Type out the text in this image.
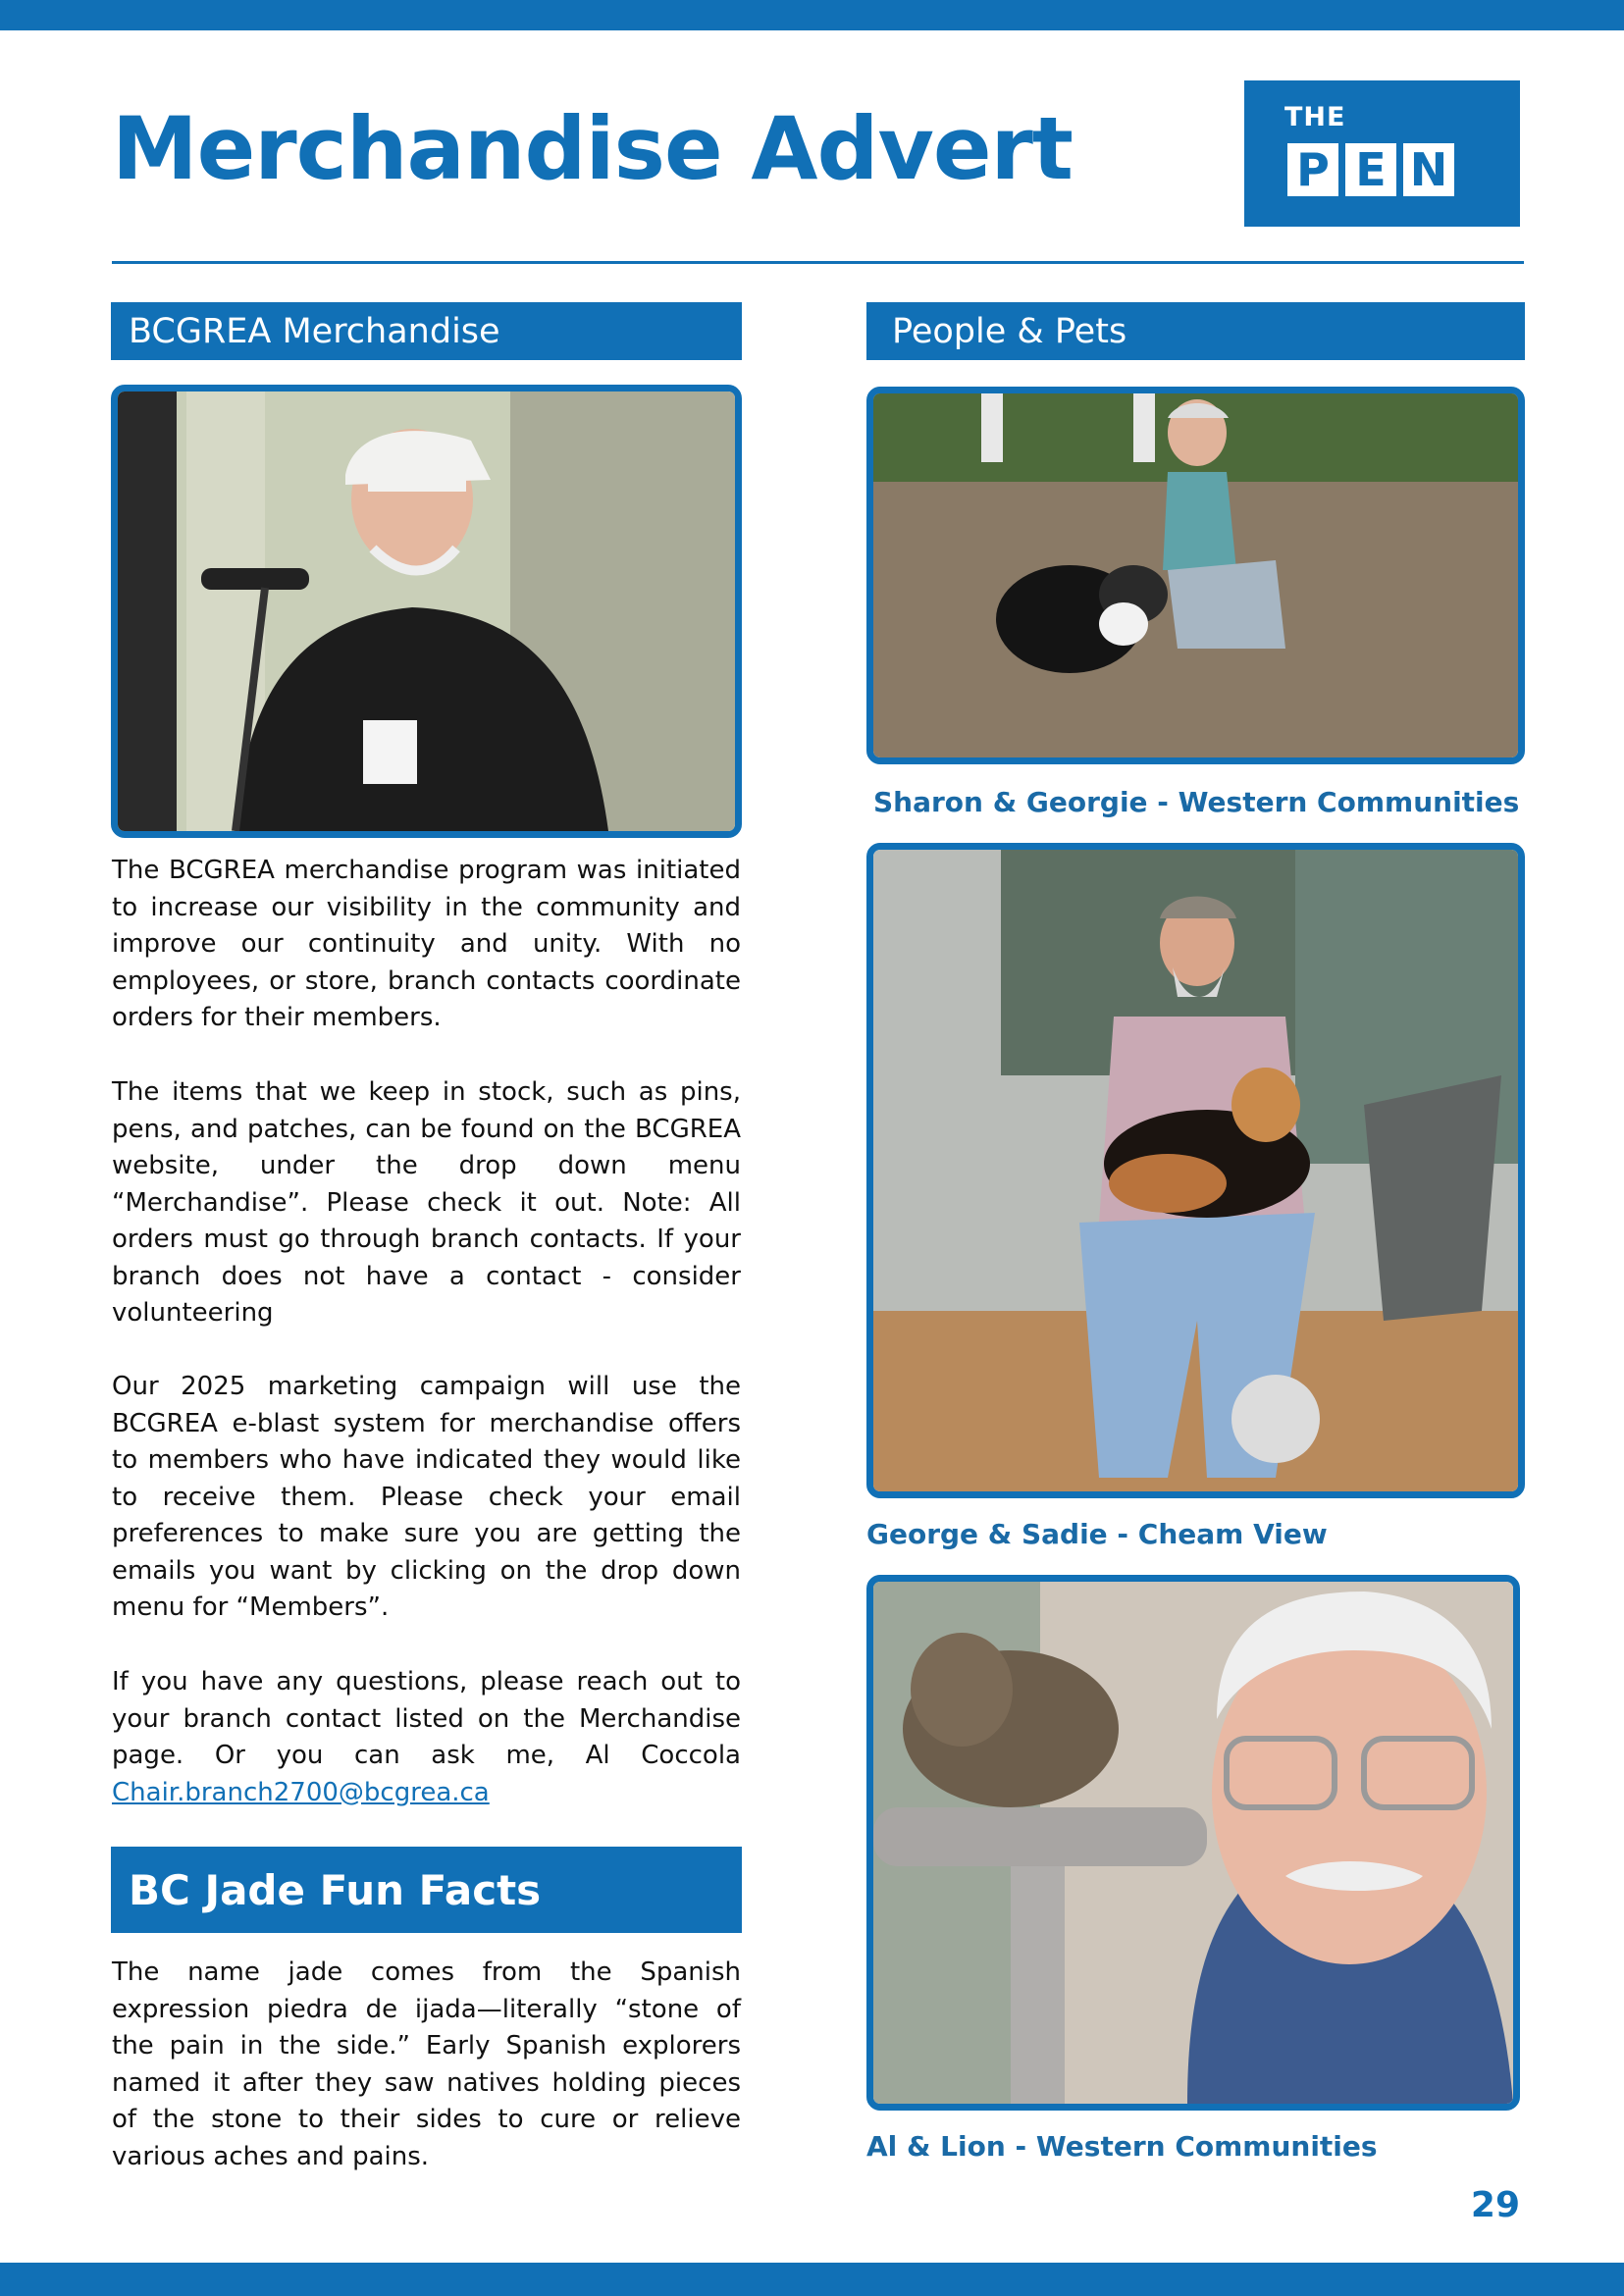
Merchandise Advert	THE
P E N
BCGREA Merchandise

The BCGREA merchandise program was initiated to increase our visibility in the community and improve our continuity and unity. With no employees, or store, branch contacts coordinate orders for their members.

The items that we keep in stock, such as pins, pens, and patches, can be found on the BCGREA website, under the drop down menu “Merchandise”. Please check it out. Note: All orders must go through branch contacts. If your branch does not have a contact - consider volunteering

Our 2025 marketing campaign will use the BCGREA e-blast system for merchandise offers to members who have indicated they would like to receive them. Please check your email preferences to make sure you are getting the emails you want by clicking on the drop down menu for “Members”.

If you have any questions, please reach out to your branch contact listed on the Merchandise page. Or you can ask me, Al Coccola Chair.branch2700@bcgrea.ca

BC Jade Fun Facts

The name jade comes from the Spanish expression piedra de ijada—literally “stone of the pain in the side.” Early Spanish explorers named it after they saw natives holding pieces of the stone to their sides to cure or relieve various aches and pains.

People & Pets

Sharon & Georgie - Western Communities

George & Sadie - Cheam View

Al & Lion - Western Communities

29
